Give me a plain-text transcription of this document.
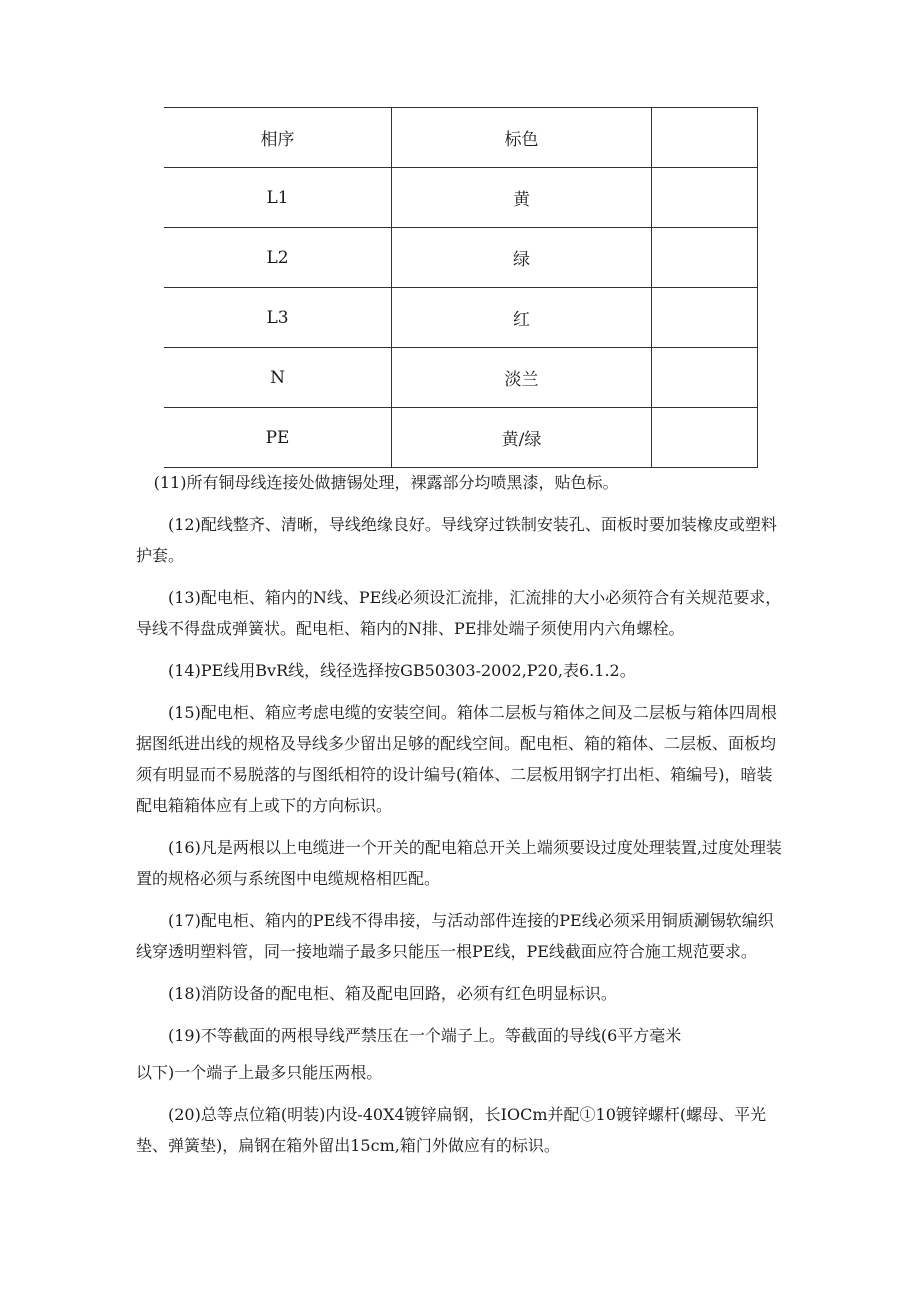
相序	标色	
L1	黄	
L2	绿	
L3	红	
N	淡兰	
PE	黄/绿	

(11)所有铜母线连接处做搪锡处理，裸露部分均喷黑漆，贴色标。

(12)配线整齐、清晰，导线绝缘良好。导线穿过铁制安装孔、面板时要加装橡皮或塑料护套。

(13)配电柜、箱内的N线、PE线必须设汇流排，汇流排的大小必须符合有关规范要求，导线不得盘成弹簧状。配电柜、箱内的N排、PE排处端子须使用内六角螺栓。

(14)PE线用BvR线，线径选择按GB50303-2002,P20,表6.1.2。

(15)配电柜、箱应考虑电缆的安装空间。箱体二层板与箱体之间及二层板与箱体四周根据图纸进出线的规格及导线多少留出足够的配线空间。配电柜、箱的箱体、二层板、面板均须有明显而不易脱落的与图纸相符的设计编号(箱体、二层板用钢字打出柜、箱编号)，暗装配电箱箱体应有上或下的方向标识。

(16)凡是两根以上电缆进一个开关的配电箱总开关上端须要设过度处理装置,过度处理装置的规格必须与系统图中电缆规格相匹配。

(17)配电柜、箱内的PE线不得串接，与活动部件连接的PE线必须采用铜质涮锡软编织线穿透明塑料管，同一接地端子最多只能压一根PE线，PE线截面应符合施工规范要求。

(18)消防设备的配电柜、箱及配电回路，必须有红色明显标识。

(19)不等截面的两根导线严禁压在一个端子上。等截面的导线(6平方毫米

以下)一个端子上最多只能压两根。

(20)总等点位箱(明装)内设-40X4镀锌扁钢，长IOCm并配①10镀锌螺杆(螺母、平光垫、弹簧垫)，扁钢在箱外留出15cm,箱门外做应有的标识。
